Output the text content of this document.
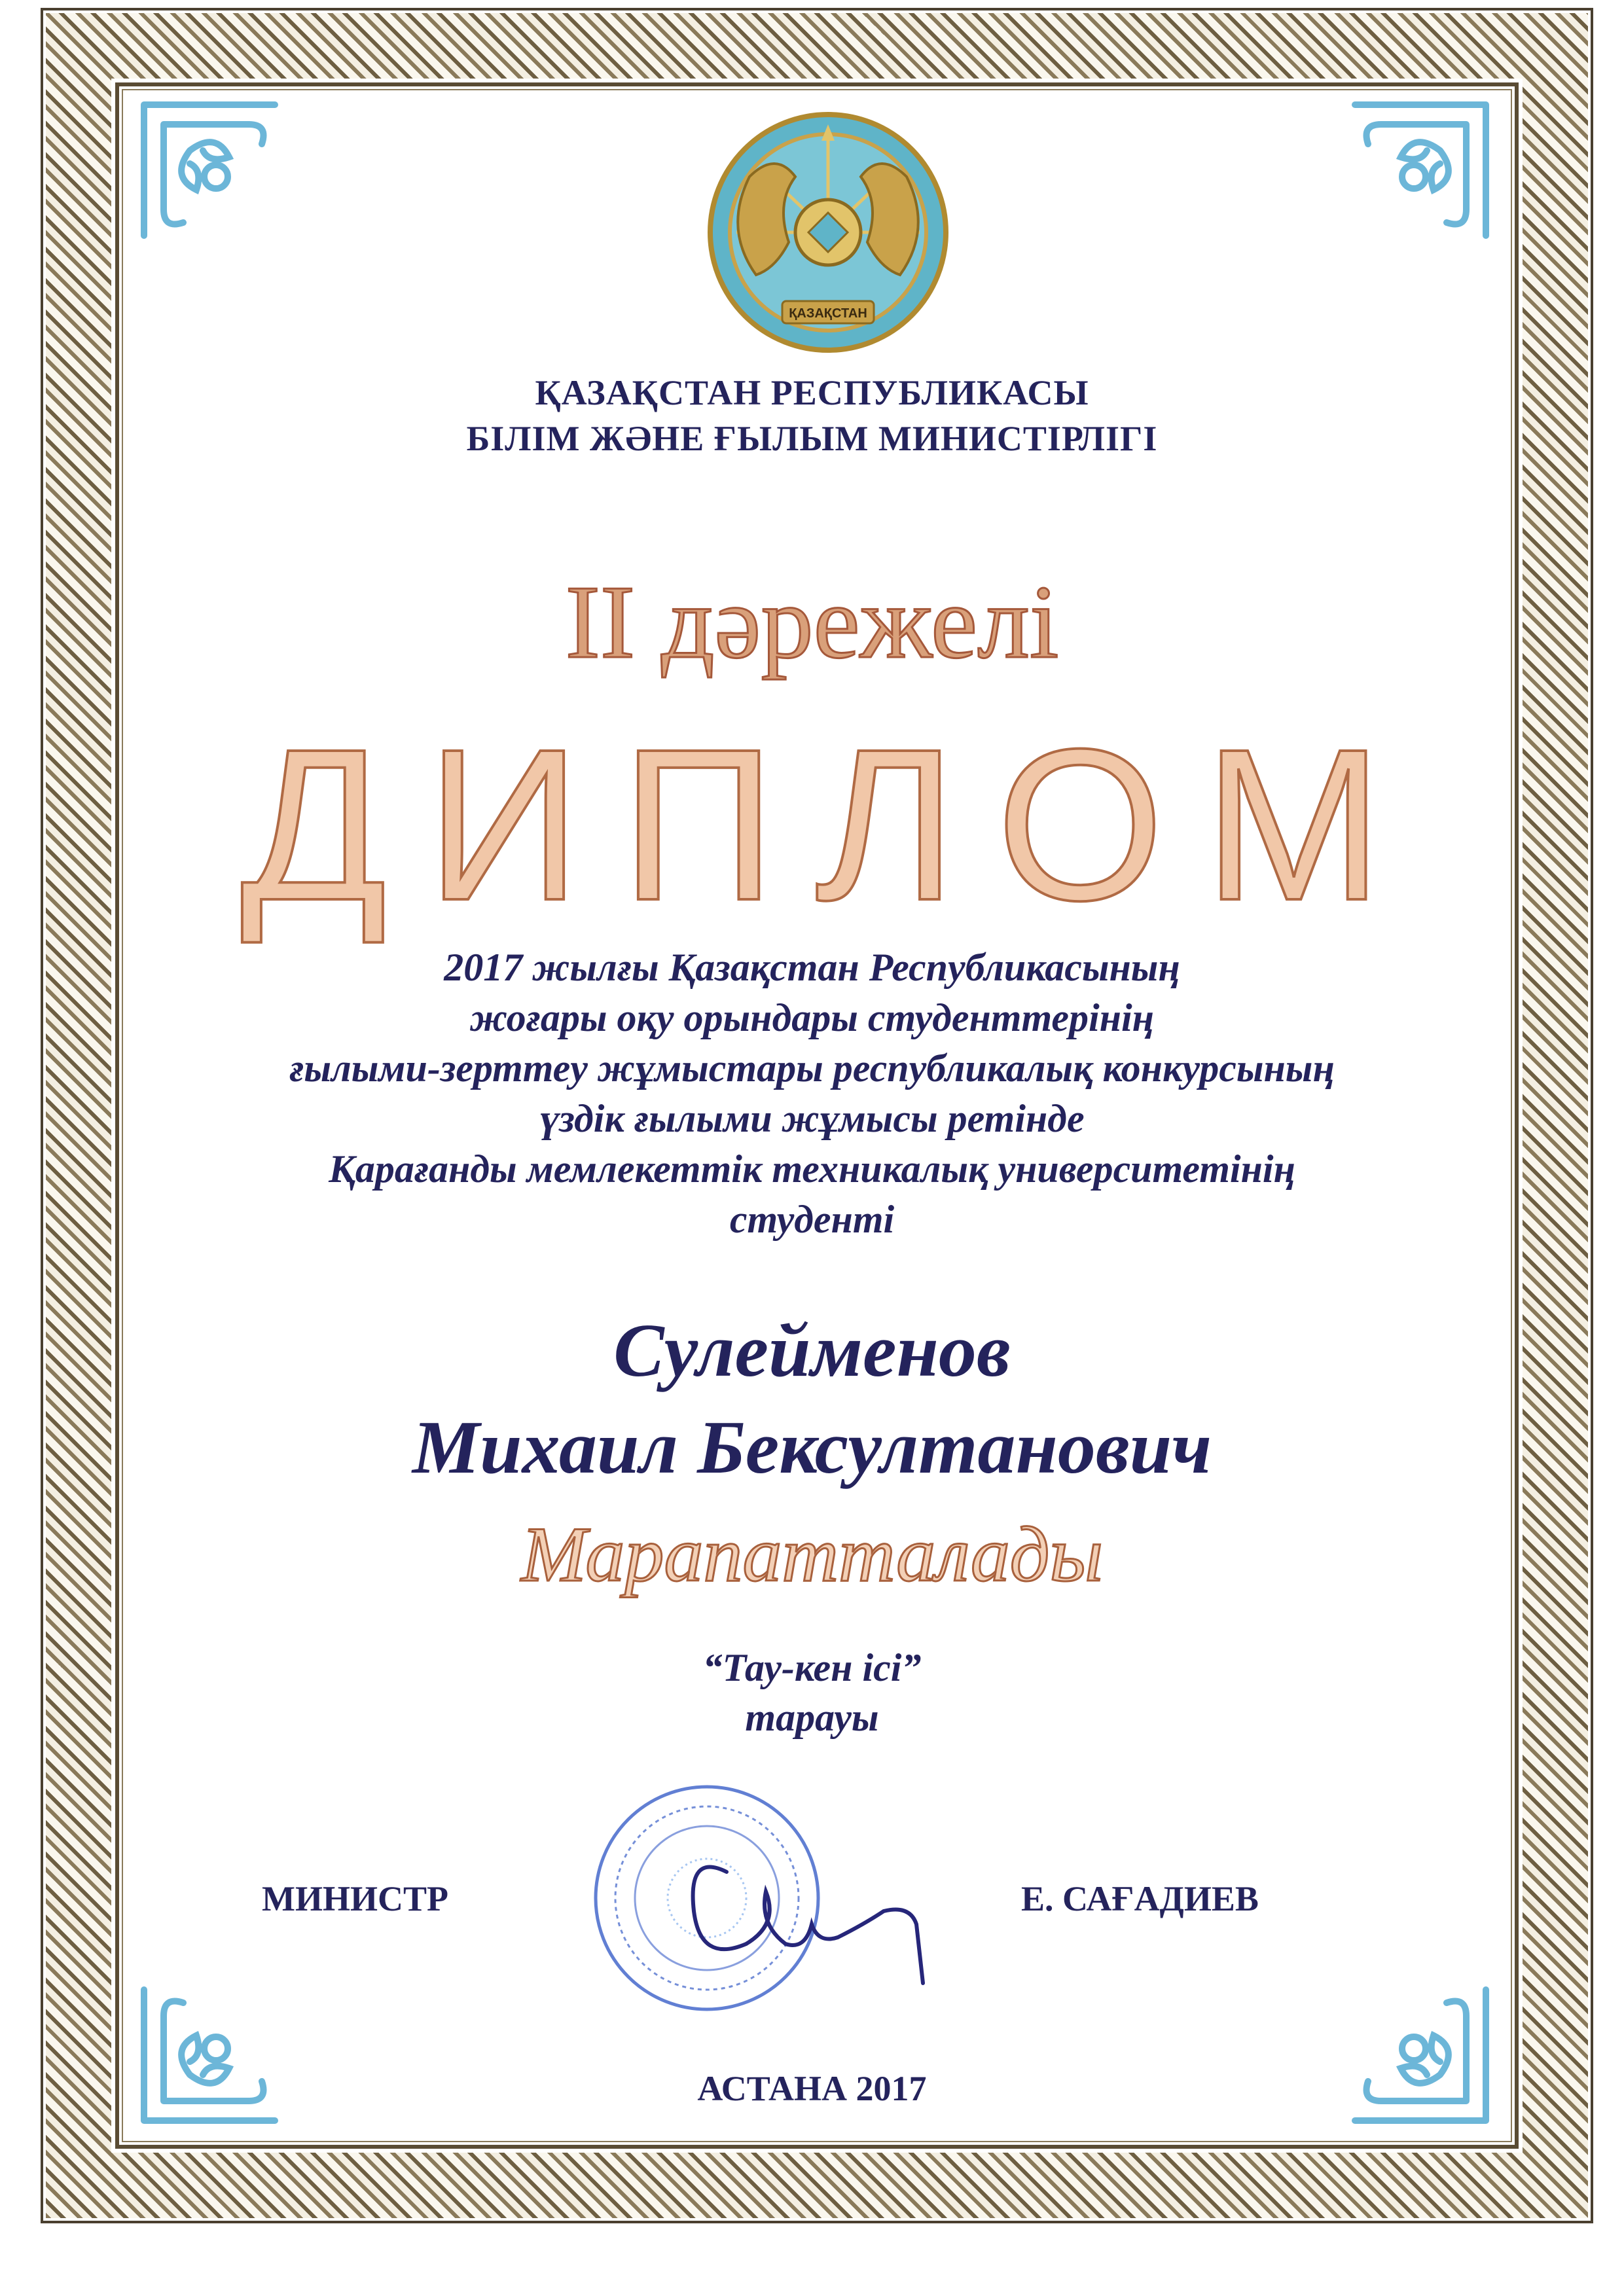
ҚАЗАҚСТАН
ҚАЗАҚСТАН РЕСПУБЛИКАСЫ
БІЛІМ ЖӘНЕ ҒЫЛЫМ МИНИСТІРЛІГІ
ІІ дәрежелі
ДИПЛОМ
2017 жылғы Қазақстан Республикасының
жоғары оқу орындары студенттерінің
ғылыми-зерттеу жұмыстары республикалық конкурсының
үздік ғылыми жұмысы ретінде
Қарағанды мемлекеттік техникалық университетінің
студенті
Сулейменов
Михаил Бексултанович
Марапатталады
“Тау-кен ісі”
тарауы
МИНИСТР	Е. САҒАДИЕВ
АСТАНА 2017
